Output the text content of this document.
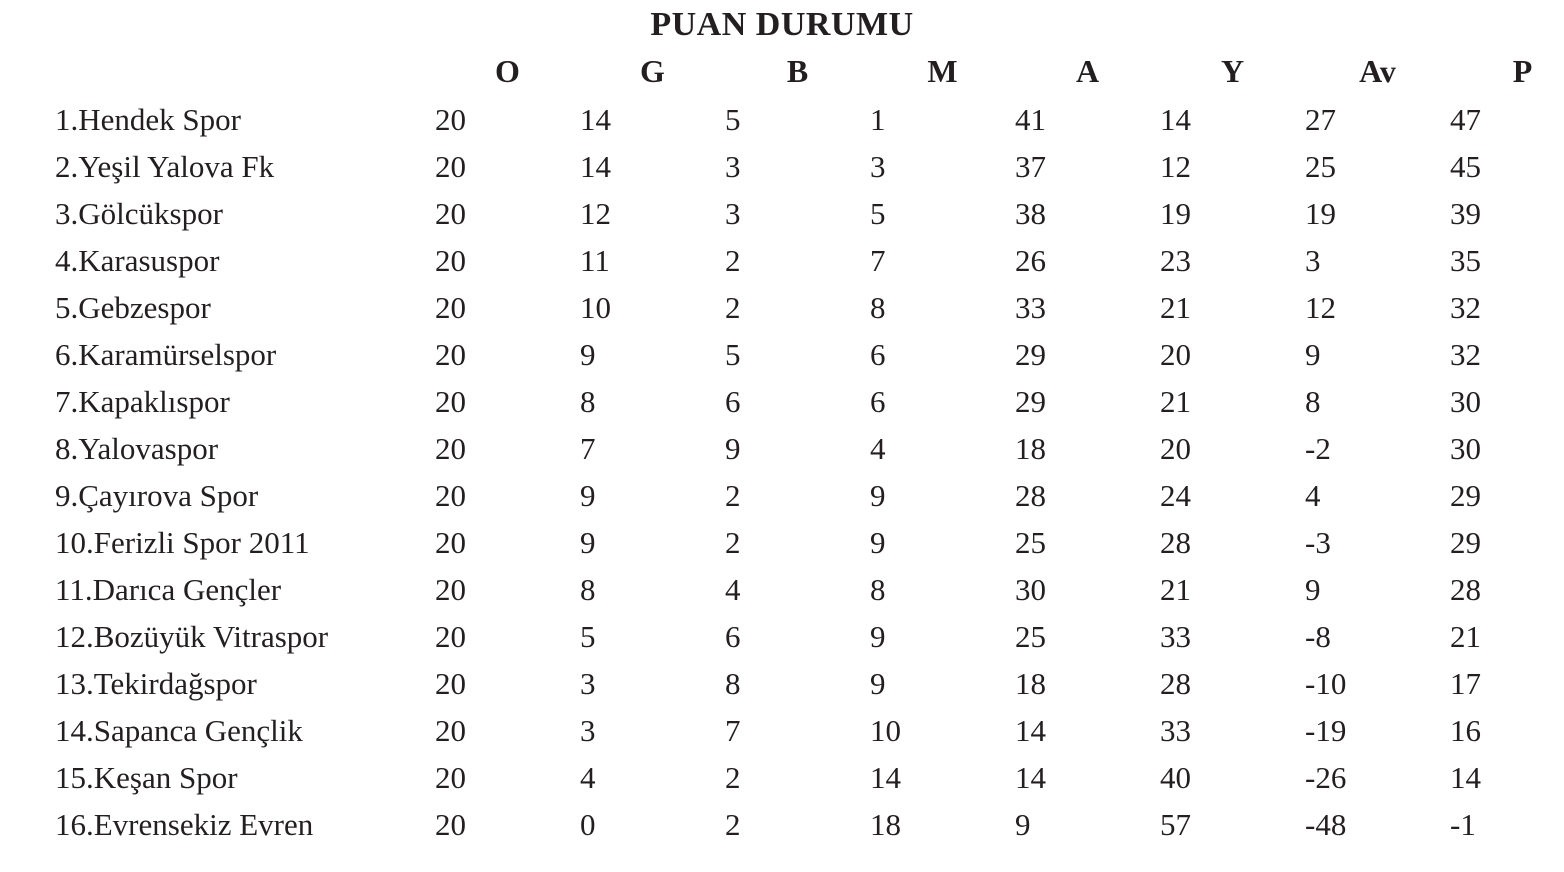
PUAN DURUMU
	O	G	B	M	A	Y	Av	P
1.Hendek Spor	20	14	5	1	41	14	27	47
2.Yeşil Yalova Fk	20	14	3	3	37	12	25	45
3.Gölcükspor	20	12	3	5	38	19	19	39
4.Karasuspor	20	11	2	7	26	23	3	35
5.Gebzespor	20	10	2	8	33	21	12	32
6.Karamürselspor	20	9	5	6	29	20	9	32
7.Kapaklıspor	20	8	6	6	29	21	8	30
8.Yalovaspor	20	7	9	4	18	20	-2	30
9.Çayırova Spor	20	9	2	9	28	24	4	29
10.Ferizli Spor 2011	20	9	2	9	25	28	-3	29
11.Darıca Gençler	20	8	4	8	30	21	9	28
12.Bozüyük Vitraspor	20	5	6	9	25	33	-8	21
13.Tekirdağspor	20	3	8	9	18	28	-10	17
14.Sapanca Gençlik	20	3	7	10	14	33	-19	16
15.Keşan Spor	20	4	2	14	14	40	-26	14
16.Evrensekiz Evren	20	0	2	18	9	57	-48	-1
